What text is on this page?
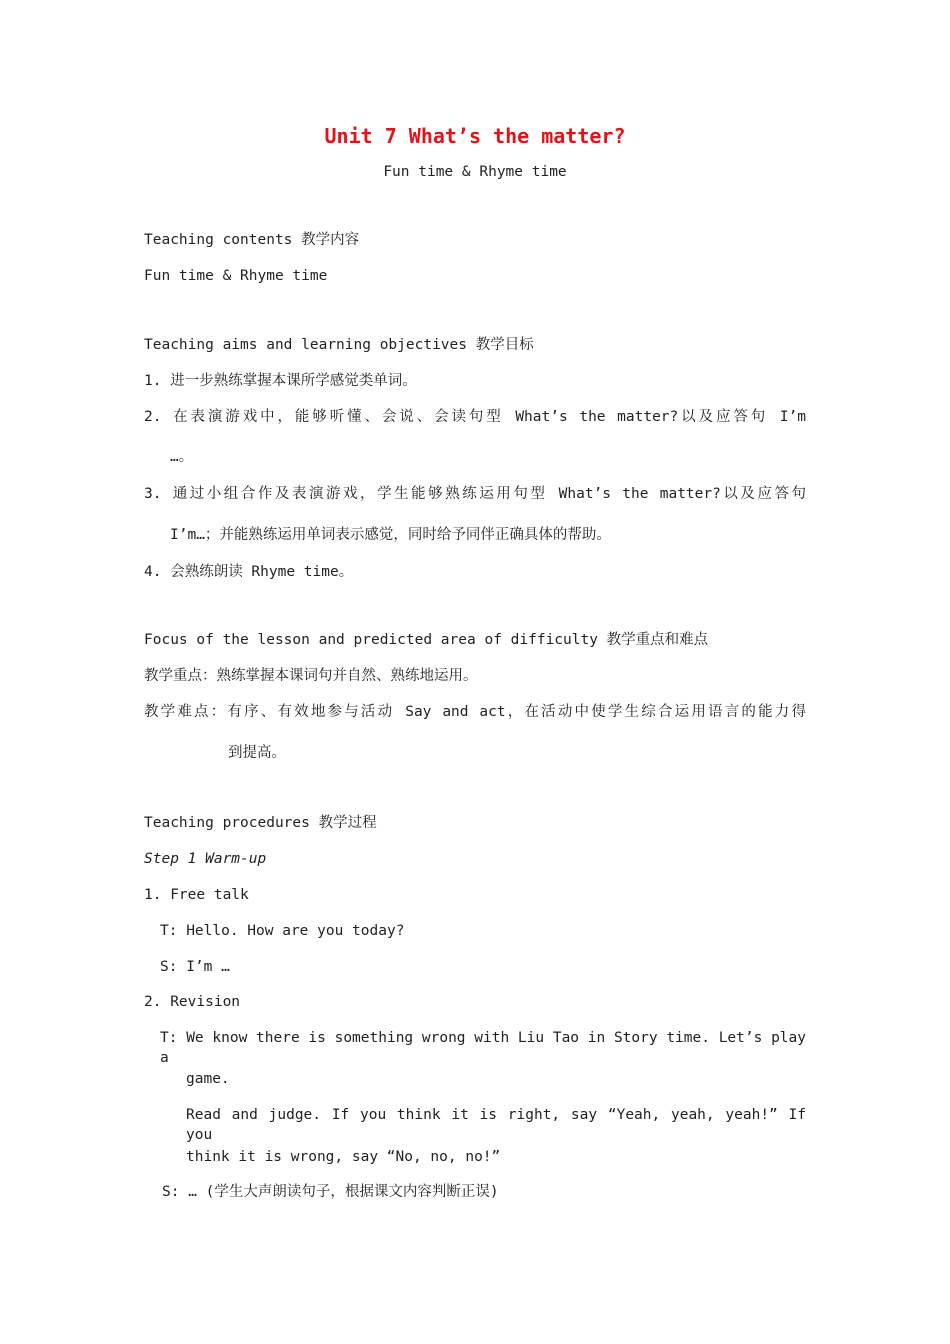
Unit 7 What’s the matter?
Fun time & Rhyme time
Teaching contents 教学内容
Fun time & Rhyme time
Teaching aims and learning objectives 教学目标
1. 进一步熟练掌握本课所学感觉类单词。
2. 在表演游戏中，能够听懂、会说、会读句型 What’s the matter?以及应答句 I’m
…。
3. 通过小组合作及表演游戏，学生能够熟练运用句型 What’s the matter?以及应答句
I’m…；并能熟练运用单词表示感觉，同时给予同伴正确具体的帮助。
4. 会熟练朗读 Rhyme time。
Focus of the lesson and predicted area of difficulty 教学重点和难点
教学重点：熟练掌握本课词句并自然、熟练地运用。
教学难点：有序、有效地参与活动 Say and act，在活动中使学生综合运用语言的能力得
到提高。
Teaching procedures 教学过程
Step 1 Warm-up
1. Free talk
T: Hello. How are you today?
S: I’m …
2. Revision
T: We know there is something wrong with Liu Tao in Story time. Let’s play a
game.
Read and judge. If you think it is right, say “Yeah, yeah, yeah!” If you
think it is wrong, say “No, no, no!”
S: … (学生大声朗读句子，根据课文内容判断正误)
